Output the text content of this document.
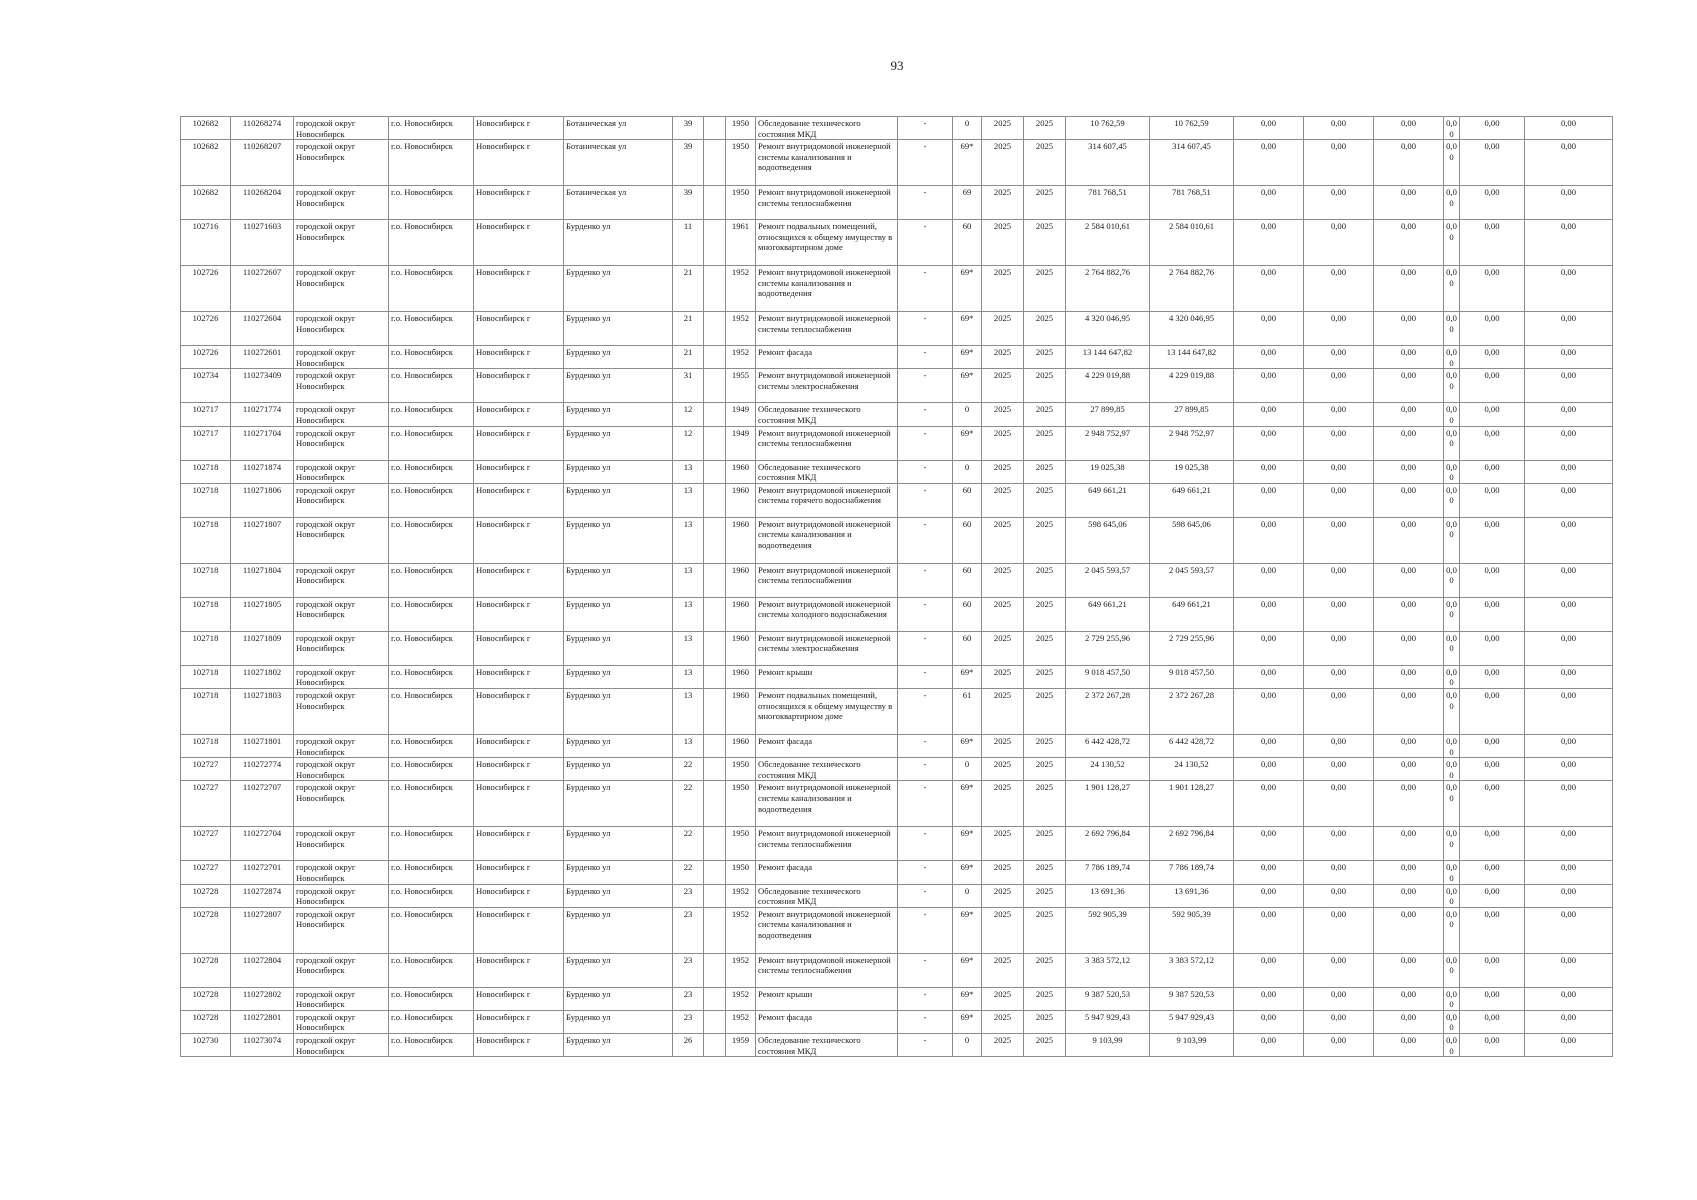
93
102682	110268274	городской округ Новосибирск	г.о. Новосибирск	Новосибирск г	Ботаническая ул	39		1950	Обследование технического состояния МКД	-	0	2025	2025	10 762,59	10 762,59	0,00	0,00	0,00	0,00	0,00	0,00
102682	110268207	городской округ Новосибирск	г.о. Новосибирск	Новосибирск г	Ботаническая ул	39		1950	Ремонт внутридомовой инженерной системы канализования и водоотведения	-	69*	2025	2025	314 607,45	314 607,45	0,00	0,00	0,00	0,00	0,00	0,00
102682	110268204	городской округ Новосибирск	г.о. Новосибирск	Новосибирск г	Ботаническая ул	39		1950	Ремонт внутридомовой инженерной системы теплоснабжения	-	69	2025	2025	781 768,51	781 768,51	0,00	0,00	0,00	0,00	0,00	0,00
102716	110271603	городской округ Новосибирск	г.о. Новосибирск	Новосибирск г	Бурденко ул	11		1961	Ремонт подвальных помещений, относящихся к общему имуществу в многоквартирном доме	-	60	2025	2025	2 584 010,61	2 584 010,61	0,00	0,00	0,00	0,00	0,00	0,00
102726	110272607	городской округ Новосибирск	г.о. Новосибирск	Новосибирск г	Бурденко ул	21		1952	Ремонт внутридомовой инженерной системы канализования и водоотведения	-	69*	2025	2025	2 764 882,76	2 764 882,76	0,00	0,00	0,00	0,00	0,00	0,00
102726	110272604	городской округ Новосибирск	г.о. Новосибирск	Новосибирск г	Бурденко ул	21		1952	Ремонт внутридомовой инженерной системы теплоснабжения	-	69*	2025	2025	4 320 046,95	4 320 046,95	0,00	0,00	0,00	0,00	0,00	0,00
102726	110272601	городской округ Новосибирск	г.о. Новосибирск	Новосибирск г	Бурденко ул	21		1952	Ремонт фасада	-	69*	2025	2025	13 144 647,82	13 144 647,82	0,00	0,00	0,00	0,00	0,00	0,00
102734	110273409	городской округ Новосибирск	г.о. Новосибирск	Новосибирск г	Бурденко ул	31		1955	Ремонт внутридомовой инженерной системы электроснабжения	-	69*	2025	2025	4 229 019,88	4 229 019,88	0,00	0,00	0,00	0,00	0,00	0,00
102717	110271774	городской округ Новосибирск	г.о. Новосибирск	Новосибирск г	Бурденко ул	12		1949	Обследование технического состояния МКД	-	0	2025	2025	27 899,85	27 899,85	0,00	0,00	0,00	0,00	0,00	0,00
102717	110271704	городской округ Новосибирск	г.о. Новосибирск	Новосибирск г	Бурденко ул	12		1949	Ремонт внутридомовой инженерной системы теплоснабжения	-	69*	2025	2025	2 948 752,97	2 948 752,97	0,00	0,00	0,00	0,00	0,00	0,00
102718	110271874	городской округ Новосибирск	г.о. Новосибирск	Новосибирск г	Бурденко ул	13		1960	Обследование технического состояния МКД	-	0	2025	2025	19 025,38	19 025,38	0,00	0,00	0,00	0,00	0,00	0,00
102718	110271806	городской округ Новосибирск	г.о. Новосибирск	Новосибирск г	Бурденко ул	13		1960	Ремонт внутридомовой инженерной системы горячего водоснабжения	-	60	2025	2025	649 661,21	649 661,21	0,00	0,00	0,00	0,00	0,00	0,00
102718	110271807	городской округ Новосибирск	г.о. Новосибирск	Новосибирск г	Бурденко ул	13		1960	Ремонт внутридомовой инженерной системы канализования и водоотведения	-	60	2025	2025	598 645,06	598 645,06	0,00	0,00	0,00	0,00	0,00	0,00
102718	110271804	городской округ Новосибирск	г.о. Новосибирск	Новосибирск г	Бурденко ул	13		1960	Ремонт внутридомовой инженерной системы теплоснабжения	-	60	2025	2025	2 045 593,57	2 045 593,57	0,00	0,00	0,00	0,00	0,00	0,00
102718	110271805	городской округ Новосибирск	г.о. Новосибирск	Новосибирск г	Бурденко ул	13		1960	Ремонт внутридомовой инженерной системы холодного водоснабжения	-	60	2025	2025	649 661,21	649 661,21	0,00	0,00	0,00	0,00	0,00	0,00
102718	110271809	городской округ Новосибирск	г.о. Новосибирск	Новосибирск г	Бурденко ул	13		1960	Ремонт внутридомовой инженерной системы электроснабжения	-	60	2025	2025	2 729 255,96	2 729 255,96	0,00	0,00	0,00	0,00	0,00	0,00
102718	110271802	городской округ Новосибирск	г.о. Новосибирск	Новосибирск г	Бурденко ул	13		1960	Ремонт крыши	-	69*	2025	2025	9 018 457,50	9 018 457,50	0,00	0,00	0,00	0,00	0,00	0,00
102718	110271803	городской округ Новосибирск	г.о. Новосибирск	Новосибирск г	Бурденко ул	13		1960	Ремонт подвальных помещений, относящихся к общему имуществу в многоквартирном доме	-	61	2025	2025	2 372 267,28	2 372 267,28	0,00	0,00	0,00	0,00	0,00	0,00
102718	110271801	городской округ Новосибирск	г.о. Новосибирск	Новосибирск г	Бурденко ул	13		1960	Ремонт фасада	-	69*	2025	2025	6 442 428,72	6 442 428,72	0,00	0,00	0,00	0,00	0,00	0,00
102727	110272774	городской округ Новосибирск	г.о. Новосибирск	Новосибирск г	Бурденко ул	22		1950	Обследование технического состояния МКД	-	0	2025	2025	24 130,52	24 130,52	0,00	0,00	0,00	0,00	0,00	0,00
102727	110272707	городской округ Новосибирск	г.о. Новосибирск	Новосибирск г	Бурденко ул	22		1950	Ремонт внутридомовой инженерной системы канализования и водоотведения	-	69*	2025	2025	1 901 128,27	1 901 128,27	0,00	0,00	0,00	0,00	0,00	0,00
102727	110272704	городской округ Новосибирск	г.о. Новосибирск	Новосибирск г	Бурденко ул	22		1950	Ремонт внутридомовой инженерной системы теплоснабжения	-	69*	2025	2025	2 692 796,84	2 692 796,84	0,00	0,00	0,00	0,00	0,00	0,00
102727	110272701	городской округ Новосибирск	г.о. Новосибирск	Новосибирск г	Бурденко ул	22		1950	Ремонт фасада	-	69*	2025	2025	7 786 189,74	7 786 189,74	0,00	0,00	0,00	0,00	0,00	0,00
102728	110272874	городской округ Новосибирск	г.о. Новосибирск	Новосибирск г	Бурденко ул	23		1952	Обследование технического состояния МКД	-	0	2025	2025	13 691,36	13 691,36	0,00	0,00	0,00	0,00	0,00	0,00
102728	110272807	городской округ Новосибирск	г.о. Новосибирск	Новосибирск г	Бурденко ул	23		1952	Ремонт внутридомовой инженерной системы канализования и водоотведения	-	69*	2025	2025	592 905,39	592 905,39	0,00	0,00	0,00	0,00	0,00	0,00
102728	110272804	городской округ Новосибирск	г.о. Новосибирск	Новосибирск г	Бурденко ул	23		1952	Ремонт внутридомовой инженерной системы теплоснабжения	-	69*	2025	2025	3 383 572,12	3 383 572,12	0,00	0,00	0,00	0,00	0,00	0,00
102728	110272802	городской округ Новосибирск	г.о. Новосибирск	Новосибирск г	Бурденко ул	23		1952	Ремонт крыши	-	69*	2025	2025	9 387 520,53	9 387 520,53	0,00	0,00	0,00	0,00	0,00	0,00
102728	110272801	городской округ Новосибирск	г.о. Новосибирск	Новосибирск г	Бурденко ул	23		1952	Ремонт фасада	-	69*	2025	2025	5 947 929,43	5 947 929,43	0,00	0,00	0,00	0,00	0,00	0,00
102730	110273074	городской округ Новосибирск	г.о. Новосибирск	Новосибирск г	Бурденко ул	26		1959	Обследование технического состояния МКД	-	0	2025	2025	9 103,99	9 103,99	0,00	0,00	0,00	0,00	0,00	0,00
